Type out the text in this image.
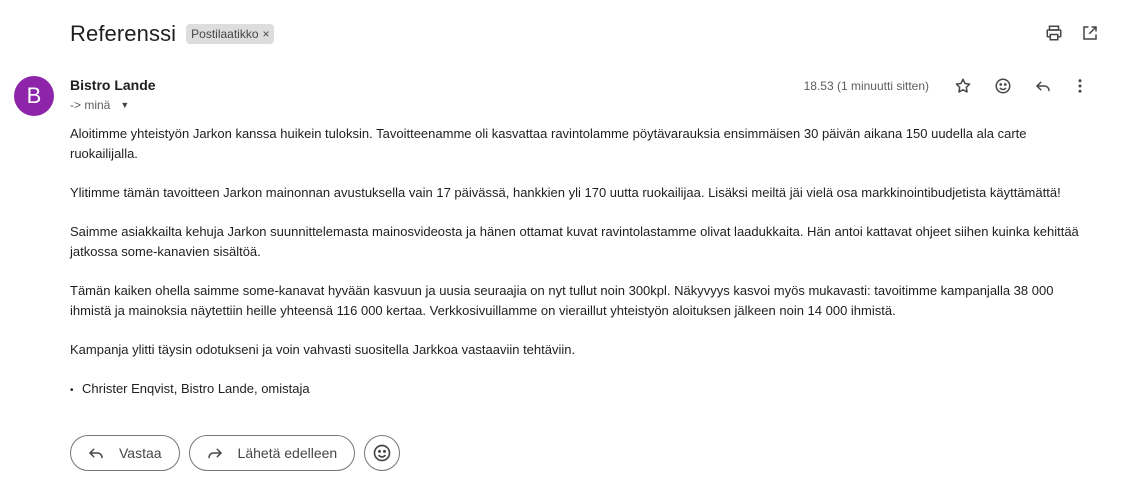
Referenssi Postilaatikko ×
B	Bistro Lande
-> minä ▼
18.53 (1 minuutti sitten)

Aloitimme yhteistyön Jarkon kanssa huikein tuloksin. Tavoitteenamme oli kasvattaa ravintolamme pöytävarauksia ensimmäisen 30 päivän aikana 150 uudella ala carte ruokailijalla.

Ylitimme tämän tavoitteen Jarkon mainonnan avustuksella vain 17 päivässä, hankkien yli 170 uutta ruokailijaa. Lisäksi meiltä jäi vielä osa markkinointibudjetista käyttämättä!

Saimme asiakkailta kehuja Jarkon suunnittelemasta mainosvideosta ja hänen ottamat kuvat ravintolastamme olivat laadukkaita. Hän antoi kattavat ohjeet siihen kuinka kehittää jatkossa some-kanavien sisältöä.

Tämän kaiken ohella saimme some-kanavat hyvään kasvuun ja uusia seuraajia on nyt tullut noin 300kpl. Näkyvyys kasvoi myös mukavasti: tavoitimme kampanjalla 38 000 ihmistä ja mainoksia näytettiin heille yhteensä 116 000 kertaa. Verkkosivuillamme on vieraillut yhteistyön aloituksen jälkeen noin 14 000 ihmistä.

Kampanja ylitti täysin odotukseni ja voin vahvasti suositella Jarkkoa vastaaviin tehtäviin.

• Christer Enqvist, Bistro Lande, omistaja
Vastaa	Lähetä edelleen
